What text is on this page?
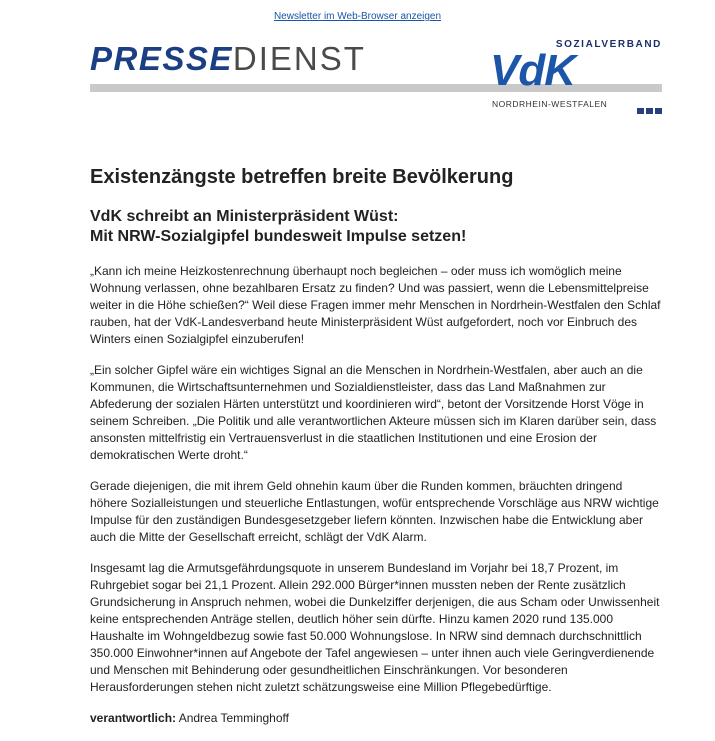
Newsletter im Web-Browser anzeigen
PRESSEDIENST	SOZIALVERBAND
VdK
NORDRHEIN-WESTFALEN
Existenzängste betreffen breite Bevölkerung
VdK schreibt an Ministerpräsident Wüst:
Mit NRW-Sozialgipfel bundesweit Impulse setzen!

„Kann ich meine Heizkostenrechnung überhaupt noch begleichen – oder muss ich womöglich meine Wohnung verlassen, ohne bezahlbaren Ersatz zu finden? Und was passiert, wenn die Lebensmittelpreise weiter in die Höhe schießen?“ Weil diese Fragen immer mehr Menschen in Nordrhein-Westfalen den Schlaf rauben, hat der VdK-Landesverband heute Ministerpräsident Wüst aufgefordert, noch vor Einbruch des Winters einen Sozialgipfel einzuberufen!

„Ein solcher Gipfel wäre ein wichtiges Signal an die Menschen in Nordrhein-Westfalen, aber auch an die Kommunen, die Wirtschaftsunternehmen und Sozialdienstleister, dass das Land Maßnahmen zur Abfederung der sozialen Härten unterstützt und koordinieren wird“, betont der Vorsitzende Horst Vöge in seinem Schreiben. „Die Politik und alle verantwortlichen Akteure müssen sich im Klaren darüber sein, dass ansonsten mittelfristig ein Vertrauensverlust in die staatlichen Institutionen und eine Erosion der demokratischen Werte droht.“

Gerade diejenigen, die mit ihrem Geld ohnehin kaum über die Runden kommen, bräuchten dringend höhere Sozialleistungen und steuerliche Entlastungen, wofür entsprechende Vorschläge aus NRW wichtige Impulse für den zuständigen Bundesgesetzgeber liefern könnten. Inzwischen habe die Entwicklung aber auch die Mitte der Gesellschaft erreicht, schlägt der VdK Alarm.

Insgesamt lag die Armutsgefährdungsquote in unserem Bundesland im Vorjahr bei 18,7 Prozent, im Ruhrgebiet sogar bei 21,1 Prozent. Allein 292.000 Bürger*innen mussten neben der Rente zusätzlich Grundsicherung in Anspruch nehmen, wobei die Dunkelziffer derjenigen, die aus Scham oder Unwissenheit keine entsprechenden Anträge stellen, deutlich höher sein dürfte. Hinzu kamen 2020 rund 135.000 Haushalte im Wohngeldbezug sowie fast 50.000 Wohnungslose. In NRW sind demnach durchschnittlich 350.000 Einwohner*innen auf Angebote der Tafel angewiesen – unter ihnen auch viele Geringverdienende und Menschen mit Behinderung oder gesundheitlichen Einschränkungen. Vor besonderen Herausforderungen stehen nicht zuletzt schätzungsweise eine Million Pflegebedürftige.

verantwortlich: Andrea Temminghoff
